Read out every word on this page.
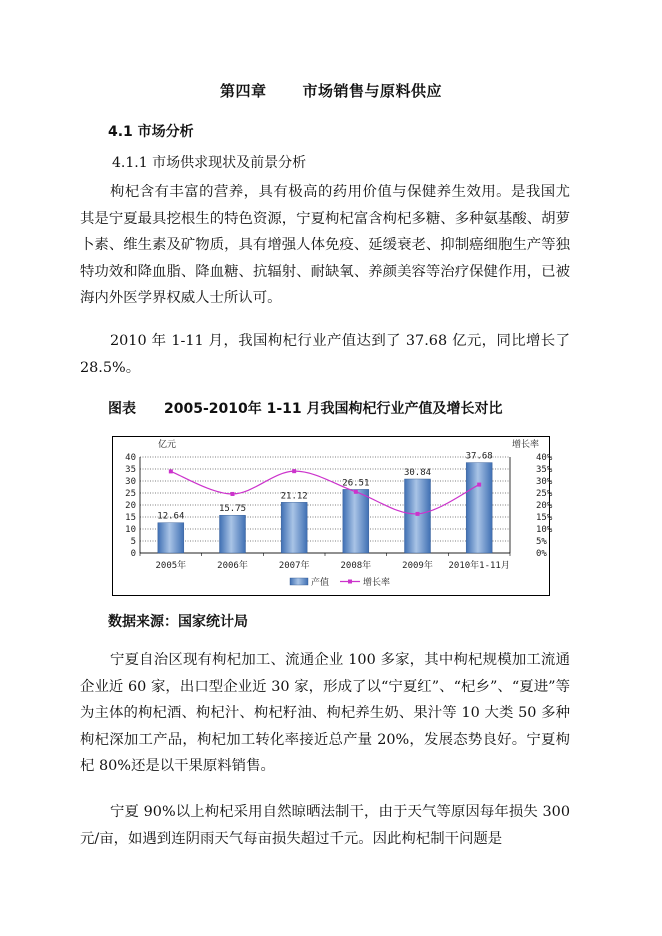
第四章 市场销售与原料供应
4.1 市场分析
4.1.1 市场供求现状及前景分析

枸杞含有丰富的营养，具有极高的药用价值与保健养生效用。是我国尤其是宁夏最具挖根生的特色资源，宁夏枸杞富含枸杞多糖、多种氨基酸、胡萝卜素、维生素及矿物质，具有增强人体免疫、延缓衰老、抑制癌细胞生产等独特功效和降血脂、降血糖、抗辐射、耐缺氧、养颜美容等治疗保健作用，已被海内外医学界权威人士所认可。

2010 年 1-11 月，我国枸杞行业产值达到了 37.68 亿元，同比增长了 28.5%。

图表 2005-2010年 1-11 月我国枸杞行业产值及增长对比
0	0%
5	5%
10	10%
15	15%
20	20%
25	25%
30	30%
35	35%
40	40%
亿元	增长率
12.64
2005年
15.75
2006年
21.12
2007年
26.51
2008年
30.84
2009年
37.68
2010年1-11月
产值	增长率
数据来源：国家统计局

宁夏自治区现有枸杞加工、流通企业 100 多家，其中枸杞规模加工流通企业近 60 家，出口型企业近 30 家，形成了以“宁夏红”、“杞乡”、“夏进”等为主体的枸杞酒、枸杞汁、枸杞籽油、枸杞养生奶、果汁等 10 大类 50 多种枸杞深加工产品，枸杞加工转化率接近总产量 20%，发展态势良好。宁夏枸杞 80%还是以干果原料销售。

宁夏 90%以上枸杞采用自然晾晒法制干，由于天气等原因每年损失 300 元/亩，如遇到连阴雨天气每亩损失超过千元。因此枸杞制干问题是
